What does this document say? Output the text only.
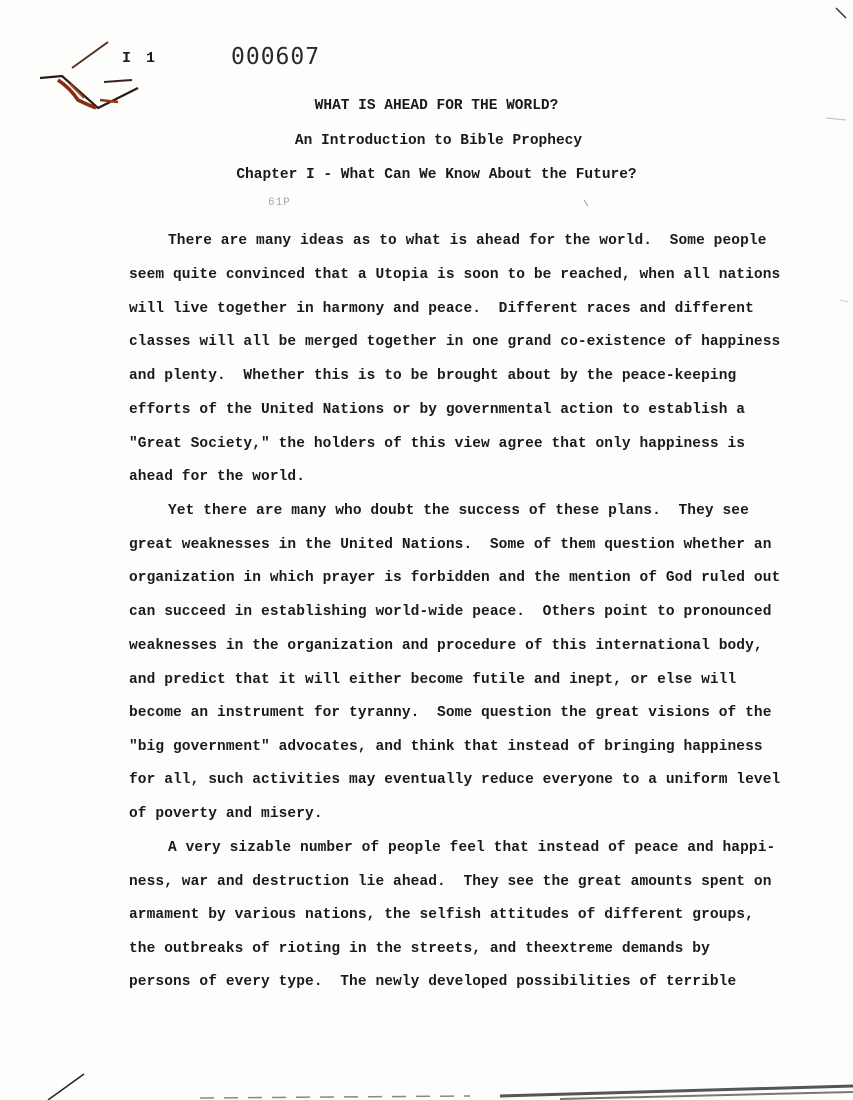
I 1	000607
WHAT IS AHEAD FOR THE WORLD?
An Introduction to Bible Prophecy
Chapter I - What Can We Know About the Future?
61P
There are many ideas as to what is ahead for the world.  Some people
seem quite convinced that a Utopia is soon to be reached, when all nations
will live together in harmony and peace.  Different races and different
classes will all be merged together in one grand co-existence of happiness
and plenty.  Whether this is to be brought about by the peace-keeping
efforts of the United Nations or by governmental action to establish a
"Great Society," the holders of this view agree that only happiness is
ahead for the world.
Yet there are many who doubt the success of these plans.  They see
great weaknesses in the United Nations.  Some of them question whether an
organization in which prayer is forbidden and the mention of God ruled out
can succeed in establishing world-wide peace.  Others point to pronounced
weaknesses in the organization and procedure of this international body,
and predict that it will either become futile and inept, or else will
become an instrument for tyranny.  Some question the great visions of the
"big government" advocates, and think that instead of bringing happiness
for all, such activities may eventually reduce everyone to a uniform level
of poverty and misery.
A very sizable number of people feel that instead of peace and happi-
ness, war and destruction lie ahead.  They see the great amounts spent on
armament by various nations, the selfish attitudes of different groups,
the outbreaks of rioting in the streets, and theextreme demands by
persons of every type.  The newly developed possibilities of terrible
